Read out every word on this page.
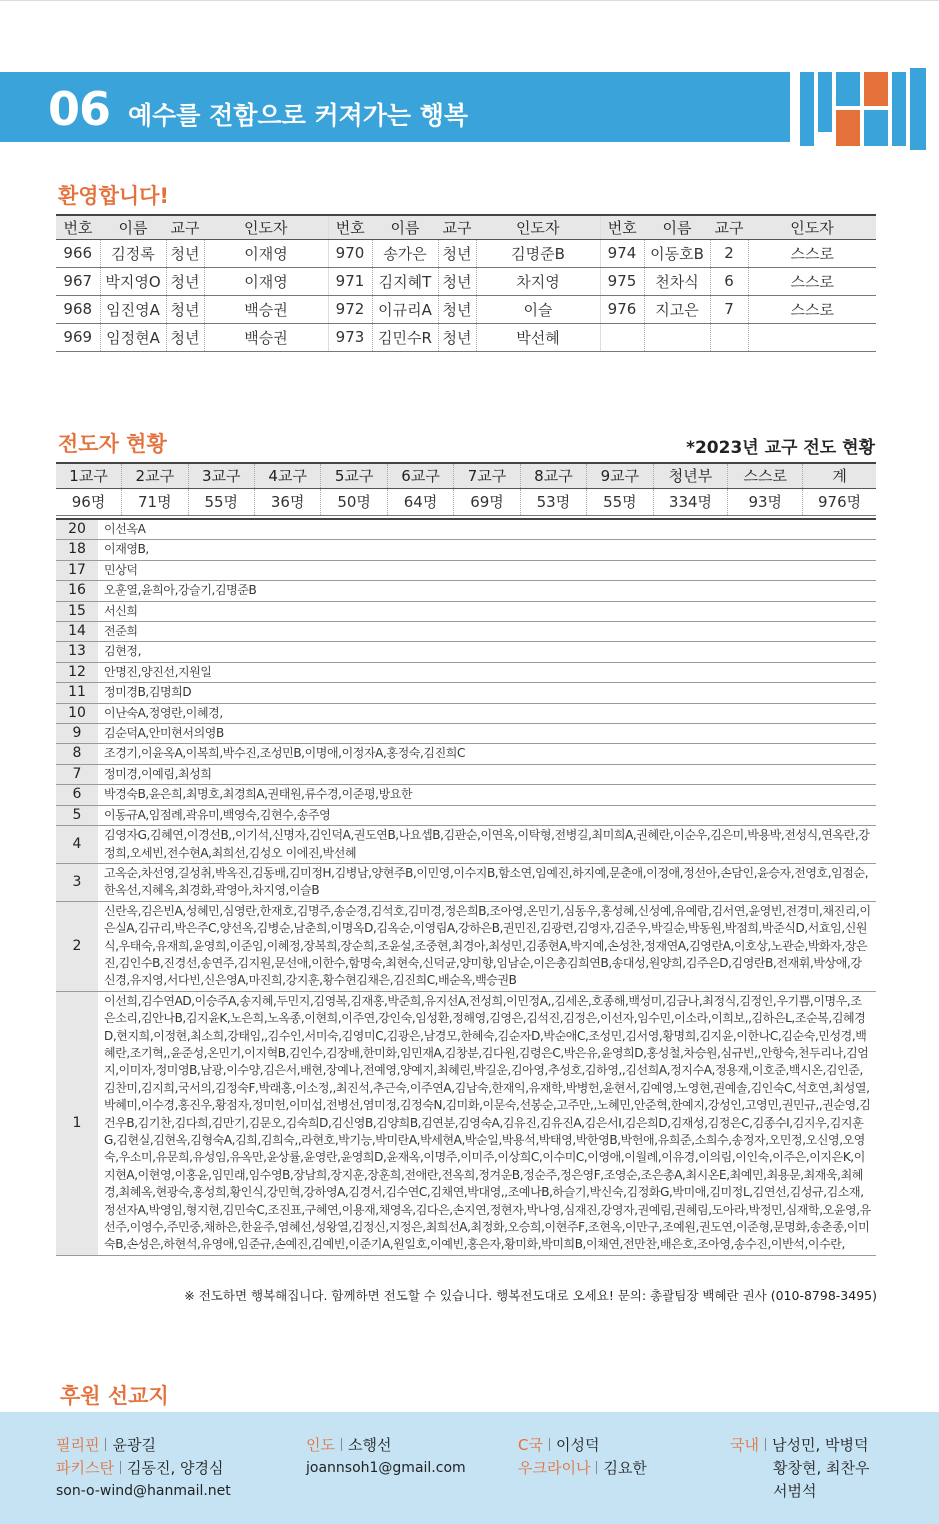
06 예수를 전함으로 커져가는 행복
환영합니다!
번호	이름	교구	인도자	번호	이름	교구	인도자	번호	이름	교구	인도자
966	김정록	청년	이재영	970	송가은	청년	김명준B	974	이동호B	2	스스로
967	박지영O	청년	이재영	971	김지혜T	청년	차지영	975	천차식	6	스스로
968	임진영A	청년	백승권	972	이규리A	청년	이슬	976	지고은	7	스스로
969	임정현A	청년	백승권	973	김민수R	청년	박선혜				
전도자 현황	*2023년 교구 전도 현황
1교구	2교구	3교구	4교구	5교구	6교구	7교구	8교구	9교구	청년부	스스로	계
96명	71명	55명	36명	50명	64명	69명	53명	55명	334명	93명	976명
20	이선옥A
18	이재영B,
17	민상덕
16	오훈열,윤희아,강슬기,김명준B
15	서신희
14	전준희
13	김현정,
12	안명진,양진선,지원일
11	정미경B,김명희D
10	이난숙A,정영란,이혜경,
9	김순덕A,안미현서의영B
8	조경기,이윤옥A,이복희,박수진,조성민B,이명애,이정자A,홍정숙,김진희C
7	정미경,이예림,최성희
6	박경숙B,윤은희,최명호,최경희A,권태원,류수경,이준평,방요한
5	이동규A,임점례,곽유미,백영숙,김현수,송주영
4	김영자G,김혜연,이경선B,,이기석,신명자,김인덕A,권도연B,나요셉B,김판순,이연옥,이탁형,전병길,최미희A,권혜란,이순우,김은미,박용박,전성식,연옥란,강정희,오세빈,전수현A,최희선,김성오 이에진,박선혜
3	고옥순,차선영,길성취,박옥진,김동배,김미정H,김병남,양현주B,이민영,이수지B,함소연,임예진,하지예,문춘애,이정애,정선아,손담인,윤승자,전영호,임점순,한옥선,지혜옥,최경화,곽영아,차지영,이슬B
2	신란옥,김은빈A,성혜민,심영란,한재호,김명주,송순경,김석호,김미경,정은희B,조아영,온민기,심동우,홍성혜,신성예,유예람,김서연,윤영빈,전경미,채진리,이은실A,김규리,박은주C,양선옥,김병순,남춘희,이명옥D,김옥순,이영림A,강하은B,권민진,김광련,김영자,김준우,박길순,박동원,박점희,박준식D,서효임,신원식,우태숙,유재희,윤영희,이준임,이혜정,장복희,장순희,조윤설,조중현,최경아,최성민,김종현A,박지예,손성찬,정재연A,김영란A,이호상,노관순,박화자,장은진,김인수B,진경선,송연주,김지원,문선애,이한수,함명숙,최현숙,신덕균,양미향,임남순,이은총김희연B,송대성,원양희,김주은D,김영란B,전재휘,박상애,강신경,유지영,서다빈,신은영A,마진희,강지훈,황수현김채은,김진희C,배순옥,백승권B
1	이선희,김수연AD,이승주A,송지혜,두민지,김영복,김재홍,박준희,유지선A,전성희,이민정A,,김세온,호종해,백성미,김금나,최정식,김정인,우기쁨,이명우,조은소리,김안나B,김지윤K,노은희,노옥종,이현희,이주연,강인숙,임성환,정해영,김영은,김석진,김정은,이선자,임수민,이소라,이희보,,김하은L,조순복,김혜경D,현지희,이정현,최소희,강태임,,김수인,서미숙,김영미C,김광은,남경모,한혜숙,김순자D,박순애C,조성민,김서영,황명희,김지윤,이한나C,김순숙,민성경,백혜란,조기혁,,윤준성,온민기,이지혁B,김인수,김장배,한미화,임민재A,김창분,김다원,김령은C,박은유,윤영희D,홍성철,차승원,심규빈,,안항숙,천두리나,김엄지,이미자,정미영B,남광,이수양,김은서,배현,장예나,전예영,양예지,최혜린,박길운,김아영,추성호,김하영,,김선희A,정지수A,정용재,이호준,백시온,김인준,김찬미,김지희,국서의,김정숙F,박래홍,이소정,,최진석,추근숙,이주연A,김남숙,한재익,유재학,박병헌,윤현서,김예영,노영현,권예솔,김인숙C,석호연,최성열,박혜미,이수경,홍진우,황점자,정미헌,이미섭,전병선,염미정,김정숙N,김미화,이문숙,선봉순,고주만,,노혜민,안준혁,한예지,강성인,고영민,권민규,,권순영,김건우B,김기찬,김다희,김만기,김문오,김숙희D,김신영B,김양희B,김연분,김영숙A,김유진,김유진A,김은서I,김은희D,김재성,김정은C,김종수I,김지우,김지훈G,김현실,김현옥,김형숙A,김희,김희숙,,라현호,박기능,박미란A,박세현A,박순일,박용석,박태영,박한영B,박헌애,유희준,소희수,송정자,오민정,오신영,오영숙,우소미,유문희,유성임,유옥만,윤상률,윤영란,윤영희D,윤재옥,이명주,이미주,이상희C,이수미C,이영애,이월례,이유경,이의림,이인숙,이주은,이지은K,이지현A,이현영,이홍윤,임민래,임수영B,장남희,장지훈,장훈희,전애란,전옥희,정겨운B,정순주,정은영F,조영순,조은총A,최시온E,최예민,최용문,최재욱,최혜경,최혜옥,현광숙,홍성희,황인식,강민혁,강하영A,김경서,김수연C,김채연,박대영,,조예나B,하슬기,박신숙,김정화G,박미애,김미정L,김연선,김성규,김소재,정선자A,박영임,형지현,김민숙C,조진표,구혜연,이용재,채영옥,김다은,손지연,정현자,박나영,심재진,강영자,권예림,권혜림,도아라,박정민,심재학,오윤영,유선주,이영수,주민중,채하은,한윤주,염혜선,성왕열,김정신,지정은,최희선A,최정화,오승희,이현주F,조현옥,이만구,조예원,권도연,이준형,문명화,송춘종,이미숙B,손성은,하현석,유영애,임준규,손예진,김예빈,이준기A,원일호,이예빈,홍은자,황미화,박미희B,이채연,전만찬,배은호,조아영,송수진,이반석,이수란,
※ 전도하면 행복해집니다. 함께하면 전도할 수 있습니다. 행복전도대로 오세요! 문의: 총괄팀장 백혜란 권사 (010-8798-3495)
후원 선교지
필리핀 윤광길
파키스탄 김동진, 양경심
son-o-wind@hanmail.net
인도 소행선
joannsoh1@gmail.com
C국 이성덕
우크라이나 김요한
국내 남성민, 박병덕
황창현, 최찬우
서범석
